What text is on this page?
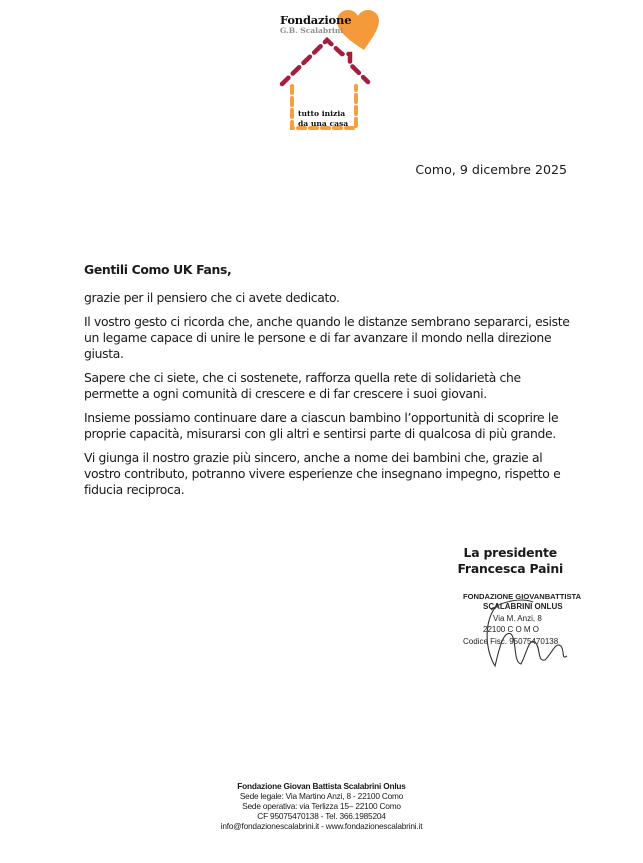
Fondazione
G.B. Scalabrini
tutto inizia
da una casa
Como, 9 dicembre 2025
Gentili Como UK Fans,

grazie per il pensiero che ci avete dedicato.

Il vostro gesto ci ricorda che, anche quando le distanze sembrano separarci, esiste un legame capace di unire le persone e di far avanzare il mondo nella direzione giusta.

Sapere che ci siete, che ci sostenete, rafforza quella rete di solidarietà che permette a ogni comunità di crescere e di far crescere i suoi giovani.

Insieme possiamo continuare dare a ciascun bambino l’opportunità di scoprire le proprie capacità, misurarsi con gli altri e sentirsi parte di qualcosa di più grande.

Vi giunga il nostro grazie più sincero, anche a nome dei bambini che, grazie al vostro contributo, potranno vivere esperienze che insegnano impegno, rispetto e fiducia reciproca.

La presidente
Francesca Paini
FONDAZIONE GIOVANBATTISTA
SCALABRINI ONLUS
Via M. Anzi, 8
22100 C O M O
Codice Fisc. 95075470138
Fondazione Giovan Battista Scalabrini Onlus
Sede legale: Via Martino Anzi, 8 - 22100 Como
Sede operativa: via Terlizza 15– 22100 Como
CF 95075470138 - Tel. 366.1985204
info@fondazionescalabrini.it - www.fondazionescalabrini.it
